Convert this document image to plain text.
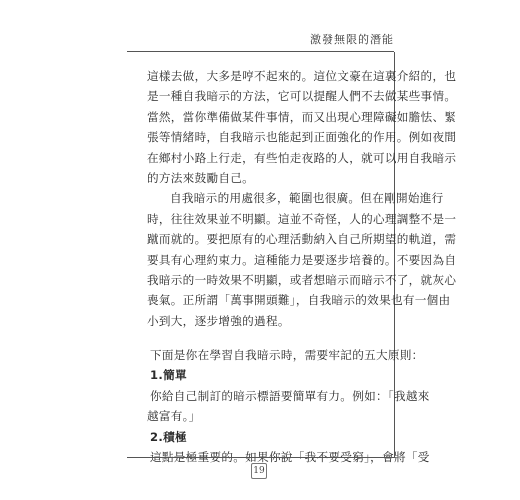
激發無限的潛能
這樣去做，大多是哼不起來的。這位文豪在這裏介紹的，也
是一種自我暗示的方法，它可以提醒人們不去做某些事情。
當然，當你準備做某件事情，而又出現心理障礙如膽怯、緊
張等情緒時，自我暗示也能起到正面強化的作用。例如夜間
在鄉村小路上行走，有些怕走夜路的人，就可以用自我暗示
的方法來鼓勵自己。
自我暗示的用處很多，範圍也很廣。但在剛開始進行
時，往往效果並不明顯。這並不奇怪，人的心理調整不是一
蹴而就的。要把原有的心理活動納入自己所期望的軌道，需
要具有心理約束力。這種能力是要逐步培養的。不要因為自
我暗示的一時效果不明顯，或者想暗示而暗示不了，就灰心
喪氣。正所謂「萬事開頭難」，自我暗示的效果也有一個由
小到大，逐步增強的過程。
下面是你在學習自我暗示時，需要牢記的五大原則：
1.簡單
你給自己制訂的暗示標語要簡單有力。例如：「我越來
越富有。」
2.積極
這點是極重要的。如果你說「我不要受窮」，會將「受
19
